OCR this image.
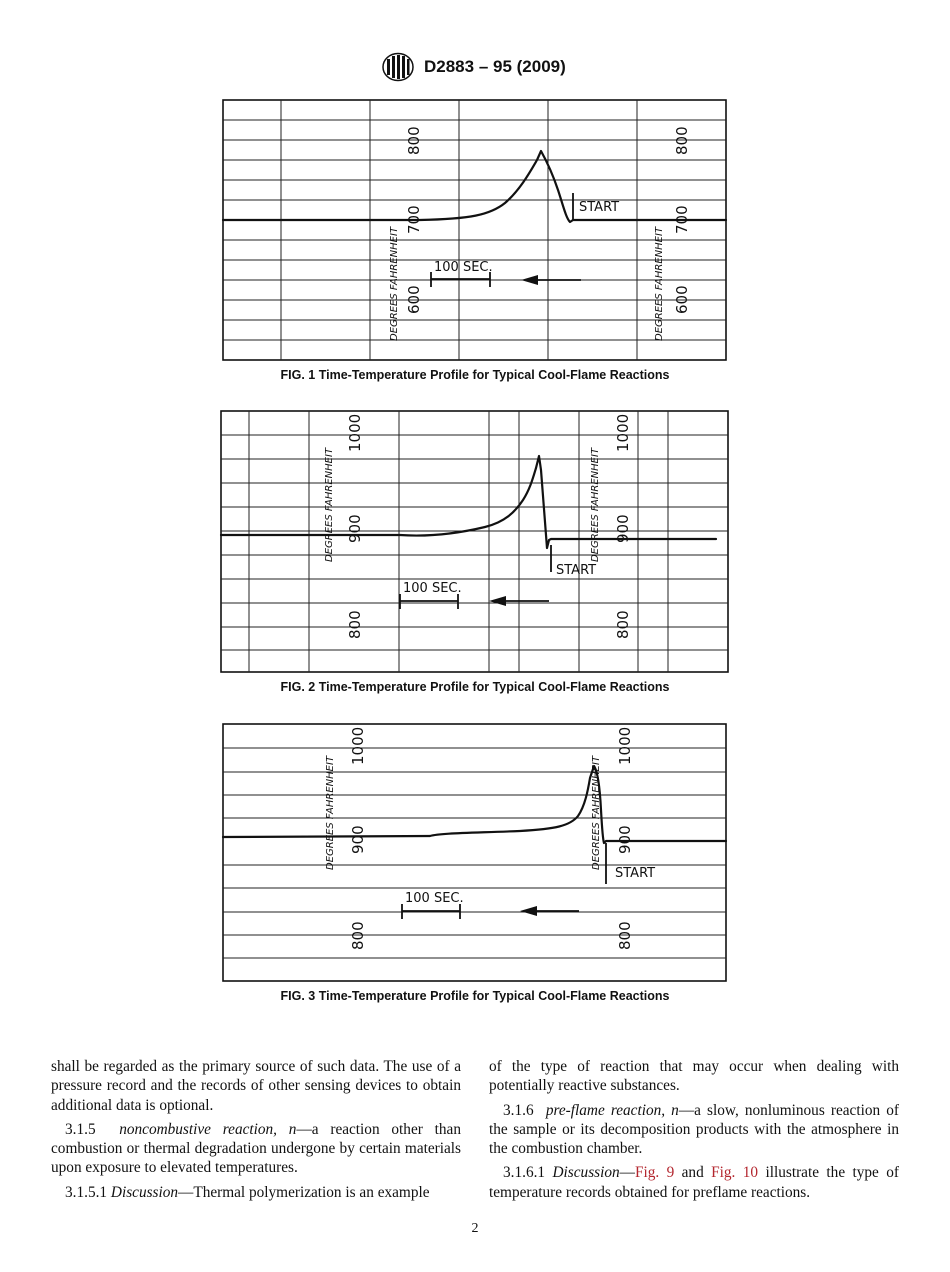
D2883 – 95 (2009)
START
100 SEC.
800
700
600
DEGREES FAHRENHEIT
800
700
600
DEGREES FAHRENHEIT
FIG. 1 Time-Temperature Profile for Typical Cool-Flame Reactions
START
100 SEC.
1000
900
800
DEGREES FAHRENHEIT
1000
900
800
DEGREES FAHRENHEIT
FIG. 2 Time-Temperature Profile for Typical Cool-Flame Reactions
START
100 SEC.
1000
900
800
DEGREES FAHRENHEIT
1000
900
800
DEGREES FAHRENHEIT
FIG. 3 Time-Temperature Profile for Typical Cool-Flame Reactions

shall be regarded as the primary source of such data. The use of a pressure record and the records of other sensing devices to obtain additional data is optional.

3.1.5 noncombustive reaction, n—a reaction other than combustion or thermal degradation undergone by certain materials upon exposure to elevated temperatures.

3.1.5.1 Discussion—Thermal polymerization is an example

of the type of reaction that may occur when dealing with potentially reactive substances.

3.1.6 pre-flame reaction, n—a slow, nonluminous reaction of the sample or its decomposition products with the atmosphere in the combustion chamber.

3.1.6.1 Discussion—Fig. 9 and Fig. 10 illustrate the type of temperature records obtained for preflame reactions.

2
